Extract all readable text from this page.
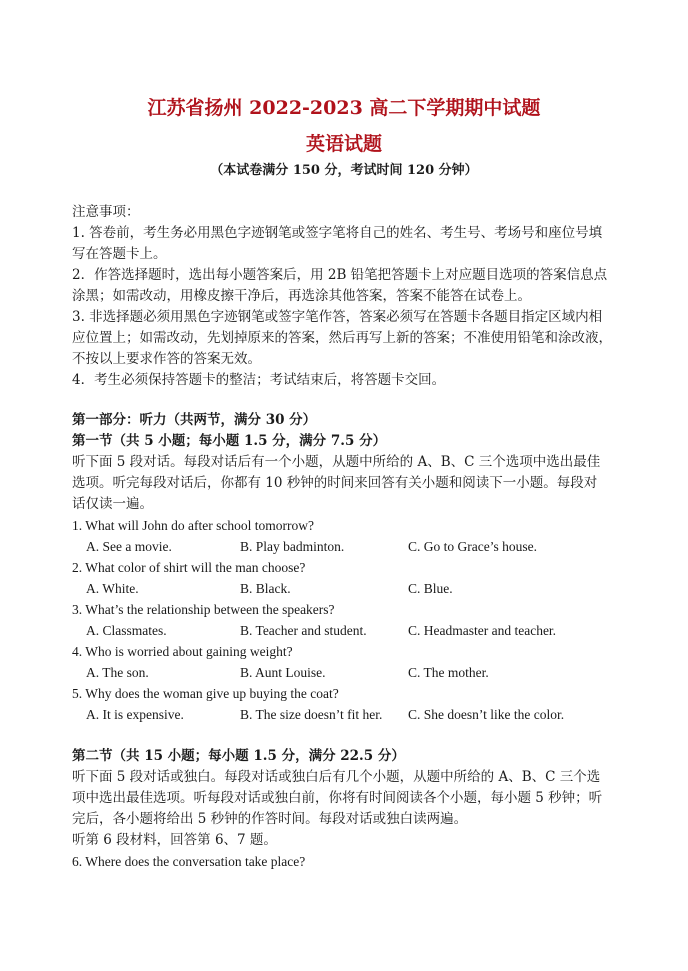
江苏省扬州 2022-2023 高二下学期期中试题
英语试题
（本试卷满分 150 分，考试时间 120 分钟）

注意事项：

1. 答卷前，考生务必用黑色字迹钢笔或签字笔将自己的姓名、考生号、考场号和座位号填

写在答题卡上。

2．作答选择题时，选出每小题答案后，用 2B 铅笔把答题卡上对应题目选项的答案信息点

涂黑；如需改动，用橡皮擦干净后，再选涂其他答案，答案不能答在试卷上。

3. 非选择题必须用黑色字迹钢笔或签字笔作答，答案必须写在答题卡各题目指定区域内相

应位置上；如需改动，先划掉原来的答案，然后再写上新的答案；不准使用铅笔和涂改液，

不按以上要求作答的答案无效。

4．考生必须保持答题卡的整洁；考试结束后，将答题卡交回。

第一部分：听力（共两节，满分 30 分）

第一节（共 5 小题；每小题 1.5 分，满分 7.5 分）

听下面 5 段对话。每段对话后有一个小题，从题中所给的 A、B、C 三个选项中选出最佳

选项。听完每段对话后，你都有 10 秒钟的时间来回答有关小题和阅读下一小题。每段对

话仅读一遍。

1. What will John do after school tomorrow?
A. See a movie.	B. Play badminton.	C. Go to Grace’s house.
2. What color of shirt will the man choose?
A. White.	B. Black.	C. Blue.
3. What’s the relationship between the speakers?
A. Classmates.	B. Teacher and student.	C. Headmaster and teacher.
4. Who is worried about gaining weight?
A. The son.	B. Aunt Louise.	C. The mother.
5. Why does the woman give up buying the coat?
A. It is expensive.	B. The size doesn’t fit her. C. She doesn’t like the color.

第二节（共 15 小题；每小题 1.5 分，满分 22.5 分）

听下面 5 段对话或独白。每段对话或独白后有几个小题，从题中所给的 A、B、C 三个选

项中选出最佳选项。听每段对话或独白前，你将有时间阅读各个小题，每小题 5 秒钟；听

完后，各小题将给出 5 秒钟的作答时间。每段对话或独白读两遍。

听第 6 段材料，回答第 6、7 题。

6. Where does the conversation take place?
